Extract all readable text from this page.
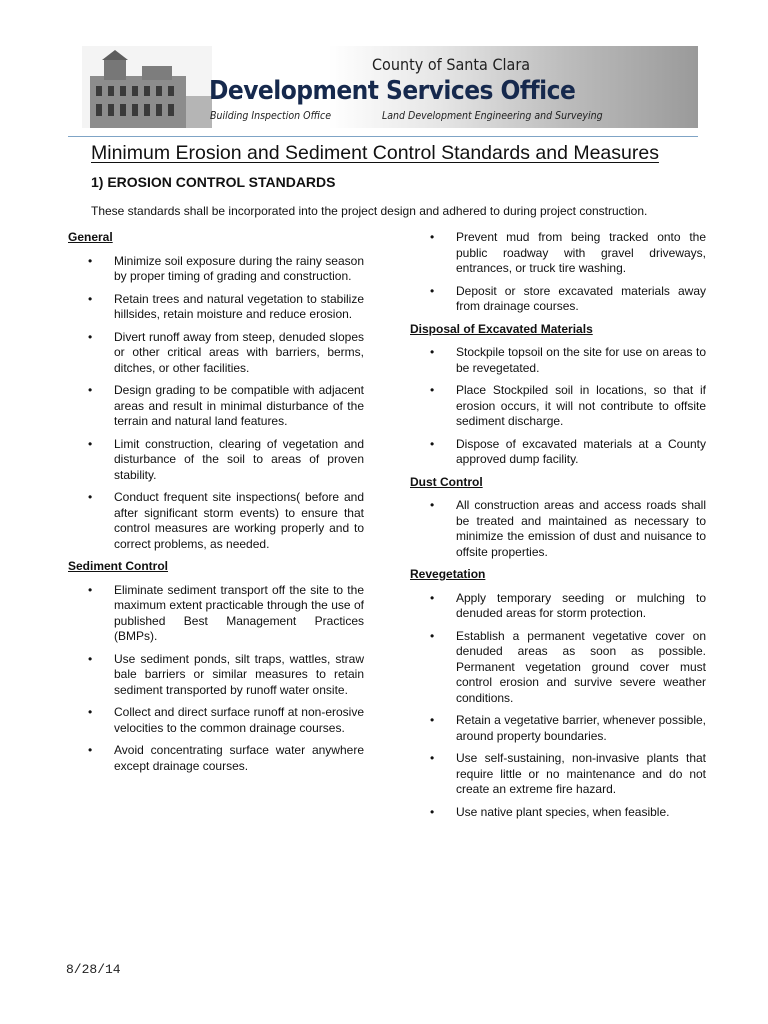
County of Santa Clara
Development Services Office
Building Inspection Office	Land Development Engineering and Surveying
Minimum Erosion and Sediment Control Standards and Measures
1) EROSION CONTROL STANDARDS
These standards shall be incorporated into the project design and adhered to during project construction.
General
• Minimize soil exposure during the rainy season by proper timing of grading and construction.
• Retain trees and natural vegetation to stabilize hillsides, retain moisture and reduce erosion.
• Divert runoff away from steep, denuded slopes or other critical areas with barriers, berms, ditches, or other facilities.
• Design grading to be compatible with adjacent areas and result in minimal disturbance of the terrain and natural land features.
• Limit construction, clearing of vegetation and disturbance of the soil to areas of proven stability.
• Conduct frequent site inspections( before and after significant storm events) to ensure that control measures are working properly and to correct problems, as needed.
Sediment Control
• Eliminate sediment transport off the site to the maximum extent practicable through the use of published Best Management Practices (BMPs).
• Use sediment ponds, silt traps, wattles, straw bale barriers or similar measures to retain sediment transported by runoff water onsite.
• Collect and direct surface runoff at non-erosive velocities to the common drainage courses.
• Avoid concentrating surface water anywhere except drainage courses.
• Prevent mud from being tracked onto the public roadway with gravel driveways, entrances, or truck tire washing.
• Deposit or store excavated materials away from drainage courses.
Disposal of Excavated Materials
• Stockpile topsoil on the site for use on areas to be revegetated.
• Place Stockpiled soil in locations, so that if erosion occurs, it will not contribute to offsite sediment discharge.
• Dispose of excavated materials at a County approved dump facility.
Dust Control
• All construction areas and access roads shall be treated and maintained as necessary to minimize the emission of dust and nuisance to offsite properties.
Revegetation
• Apply temporary seeding or mulching to denuded areas for storm protection.
• Establish a permanent vegetative cover on denuded areas as soon as possible. Permanent vegetation ground cover must control erosion and survive severe weather conditions.
• Retain a vegetative barrier, whenever possible, around property boundaries.
• Use self-sustaining, non-invasive plants that require little or no maintenance and do not create an extreme fire hazard.
• Use native plant species, when feasible.
8/28/14
